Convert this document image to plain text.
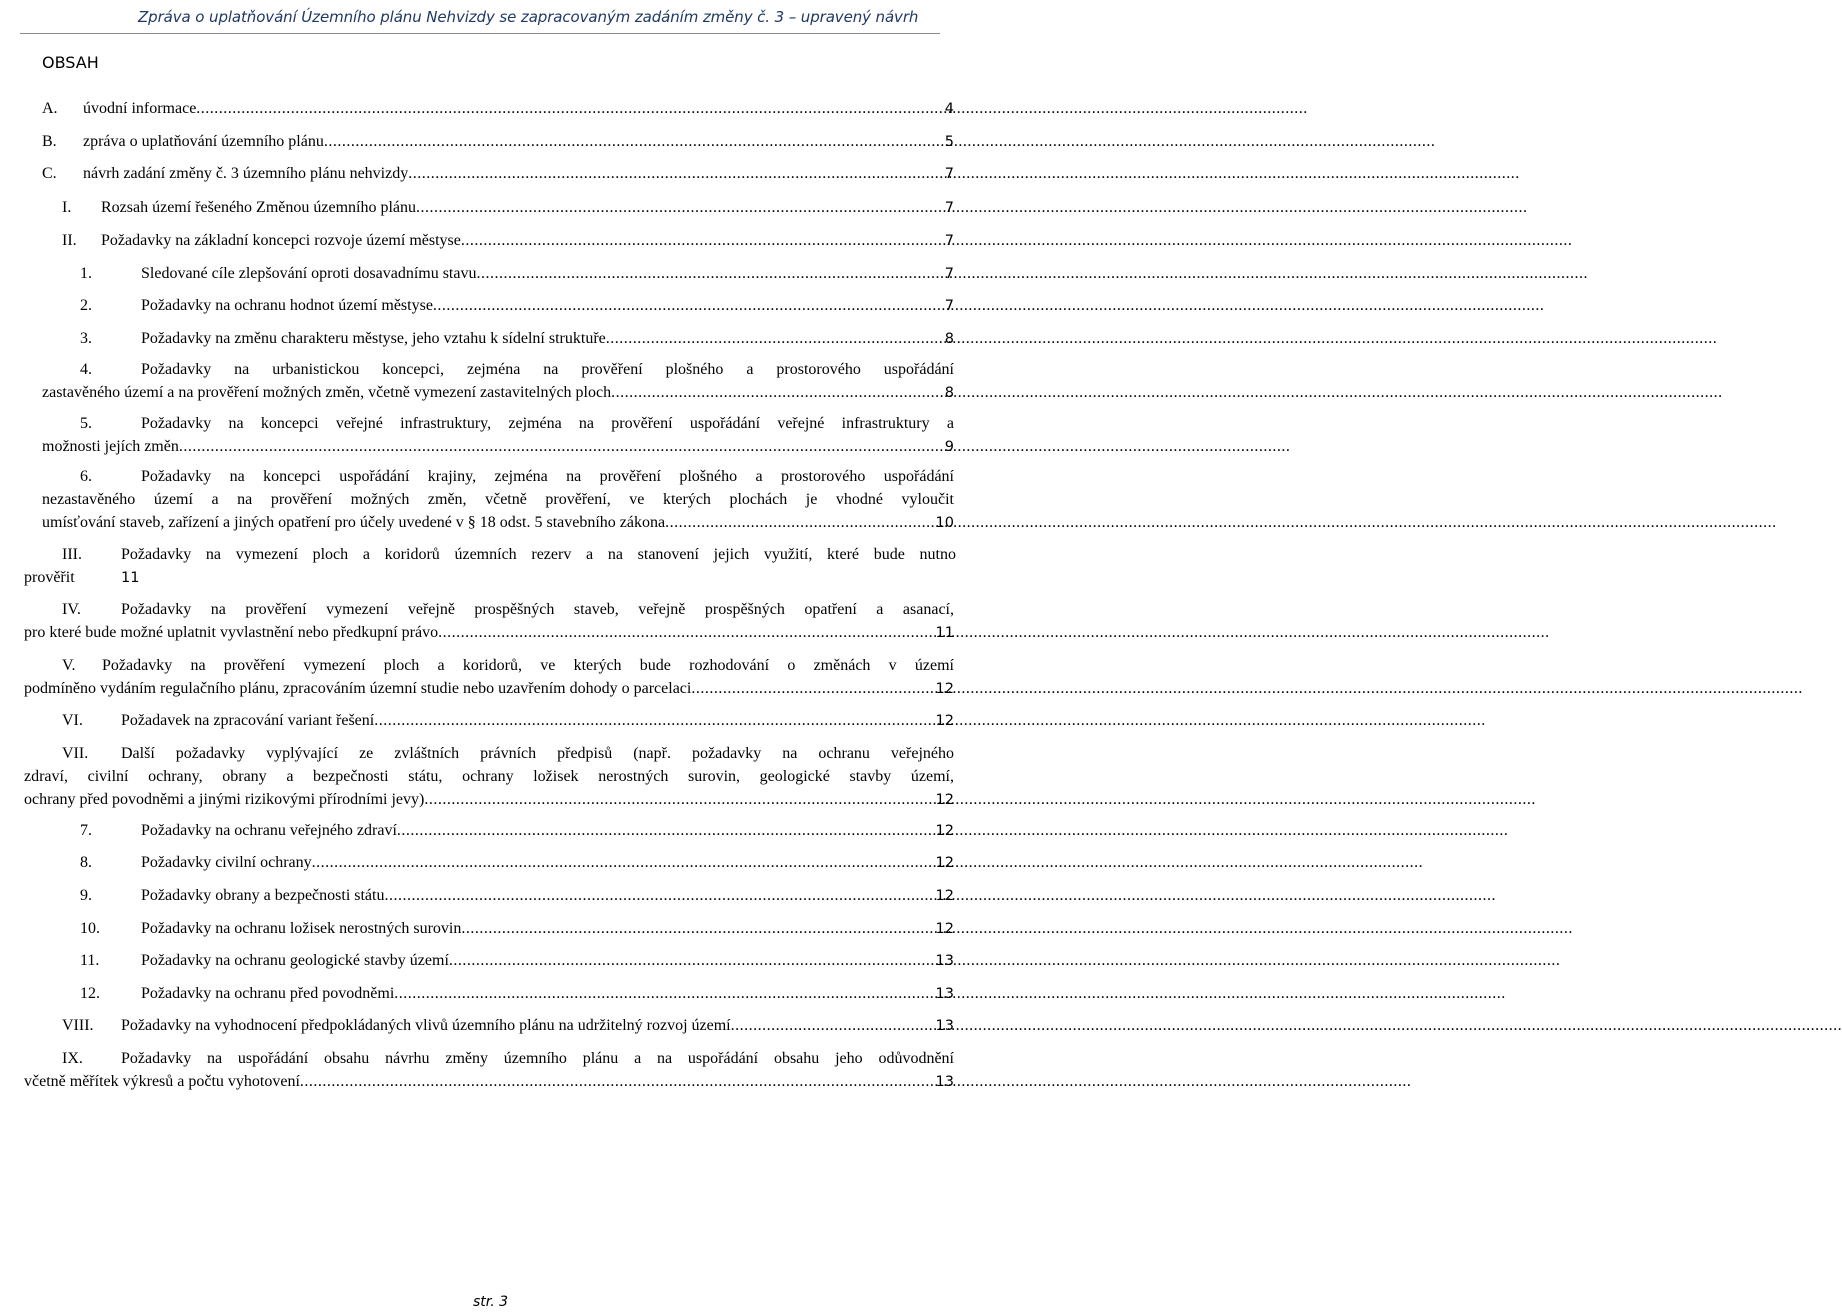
Zpráva o uplatňování Územního plánu Nehvizdy se zapracovaným zadáním změny č. 3 – upravený návrh
OBSAH
A.	úvodní informace .....	4
B.	zpráva o uplatňování územního plánu .....	5
C.	návrh zadání změny č. 3 územního plánu nehvizdy .....	7
I.	Rozsah území řešeného Změnou územního plánu .....	7
II.	Požadavky na základní koncepci rozvoje území městyse .....	7
1.	Sledované cíle zlepšování oproti dosavadnímu stavu .....	7
2.	Požadavky na ochranu hodnot území městyse .....	7
3.	Požadavky na změnu charakteru městyse, jeho vztahu k sídelní struktuře .....	8
4.	Požadavky na urbanistickou koncepci, zejména na prověření plošného a prostorového uspořádání
zastavěného území a na prověření možných změn, včetně vymezení zastavitelných ploch .....	8
5.	Požadavky na koncepci veřejné infrastruktury, zejména na prověření uspořádání veřejné infrastruktury a
možnosti jejích změn .....	9
6.	Požadavky na koncepci uspořádání krajiny, zejména na prověření plošného a prostorového uspořádání
nezastavěného území a na prověření možných změn, včetně prověření, ve kterých plochách je vhodné vyloučit
umísťování staveb, zařízení a jiných opatření pro účely uvedené v § 18 odst. 5 stavebního zákona .....	10
III. Požadavky na vymezení ploch a koridorů územních rezerv a na stanovení jejich využití, které bude nutno
prověřit	11
IV.	Požadavky na prověření vymezení veřejně prospěšných staveb, veřejně prospěšných opatření a asanací,
pro které bude možné uplatnit vyvlastnění nebo předkupní právo .....	11
V. Požadavky na prověření vymezení ploch a koridorů, ve kterých bude rozhodování o změnách v území
podmíněno vydáním regulačního plánu, zpracováním územní studie nebo uzavřením dohody o parcelaci .....	12
VI.	Požadavek na zpracování variant řešení .....	12
VII. Další požadavky vyplývající ze zvláštních právních předpisů (např. požadavky na ochranu veřejného
zdraví, civilní ochrany, obrany a bezpečnosti státu, ochrany ložisek nerostných surovin, geologické stavby území,
ochrany před povodněmi a jinými rizikovými přírodními jevy) .....	12
7.	Požadavky na ochranu veřejného zdraví .....	12
8.	Požadavky civilní ochrany .....	12
9.	Požadavky obrany a bezpečnosti státu .....	12
10.	Požadavky na ochranu ložisek nerostných surovin .....	12
11.	Požadavky na ochranu geologické stavby území .....	13
12.	Požadavky na ochranu před povodněmi .....	13
VIII.	Požadavky na vyhodnocení předpokládaných vlivů územního plánu na udržitelný rozvoj území .....	13
IX. Požadavky na uspořádání obsahu návrhu změny územního plánu a na uspořádání obsahu jeho odůvodnění
včetně měřítek výkresů a počtu vyhotovení .....	13
str. 3
